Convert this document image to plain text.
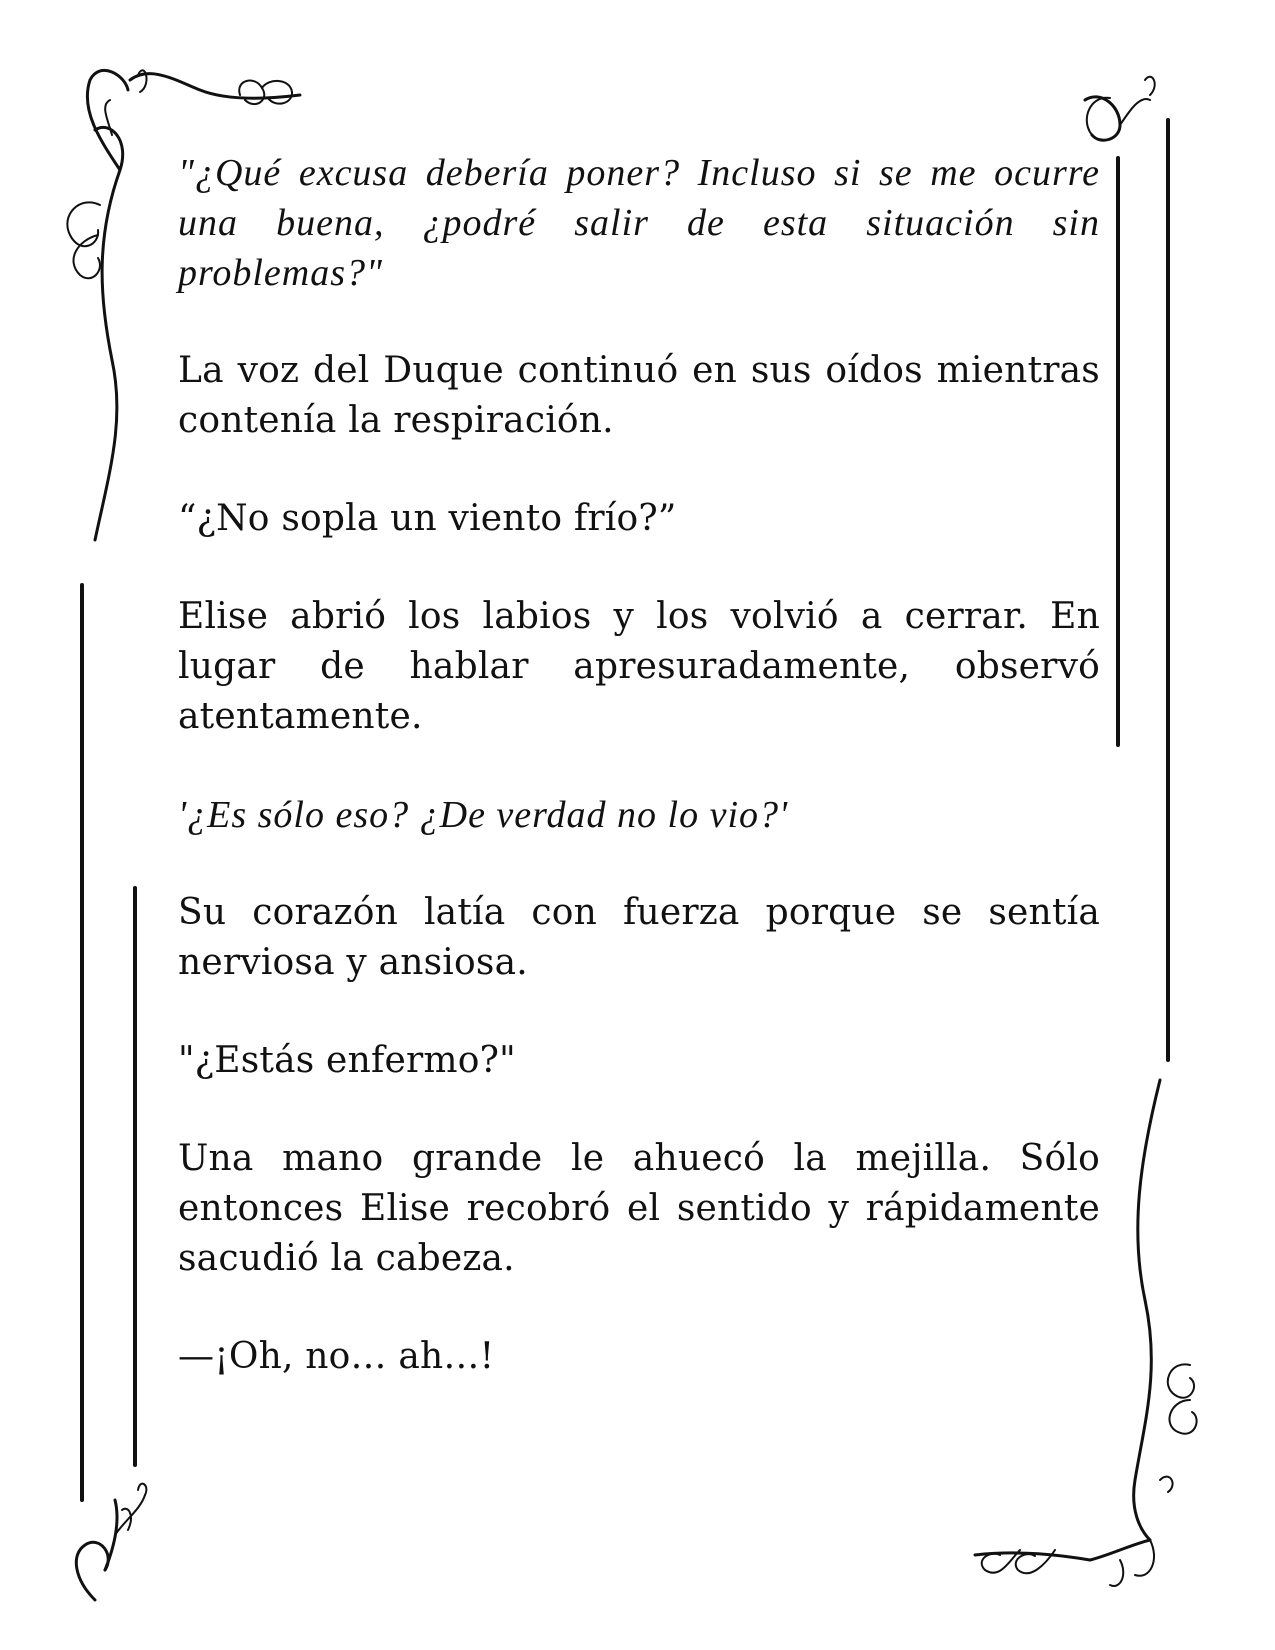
"¿Qué excusa debería poner? Incluso si se me ocurre una buena, ¿podré salir de esta situación sin problemas?"

La voz del Duque continuó en sus oídos mientras contenía la respiración.

“¿No sopla un viento frío?”

Elise abrió los labios y los volvió a cerrar. En lugar de hablar apresuradamente, observó atentamente.

'¿Es sólo eso? ¿De verdad no lo vio?'

Su corazón latía con fuerza porque se sentía nerviosa y ansiosa.

"¿Estás enfermo?"

Una mano grande le ahuecó la mejilla. Sólo entonces Elise recobró el sentido y rápidamente sacudió la cabeza.

—¡Oh, no… ah…!
